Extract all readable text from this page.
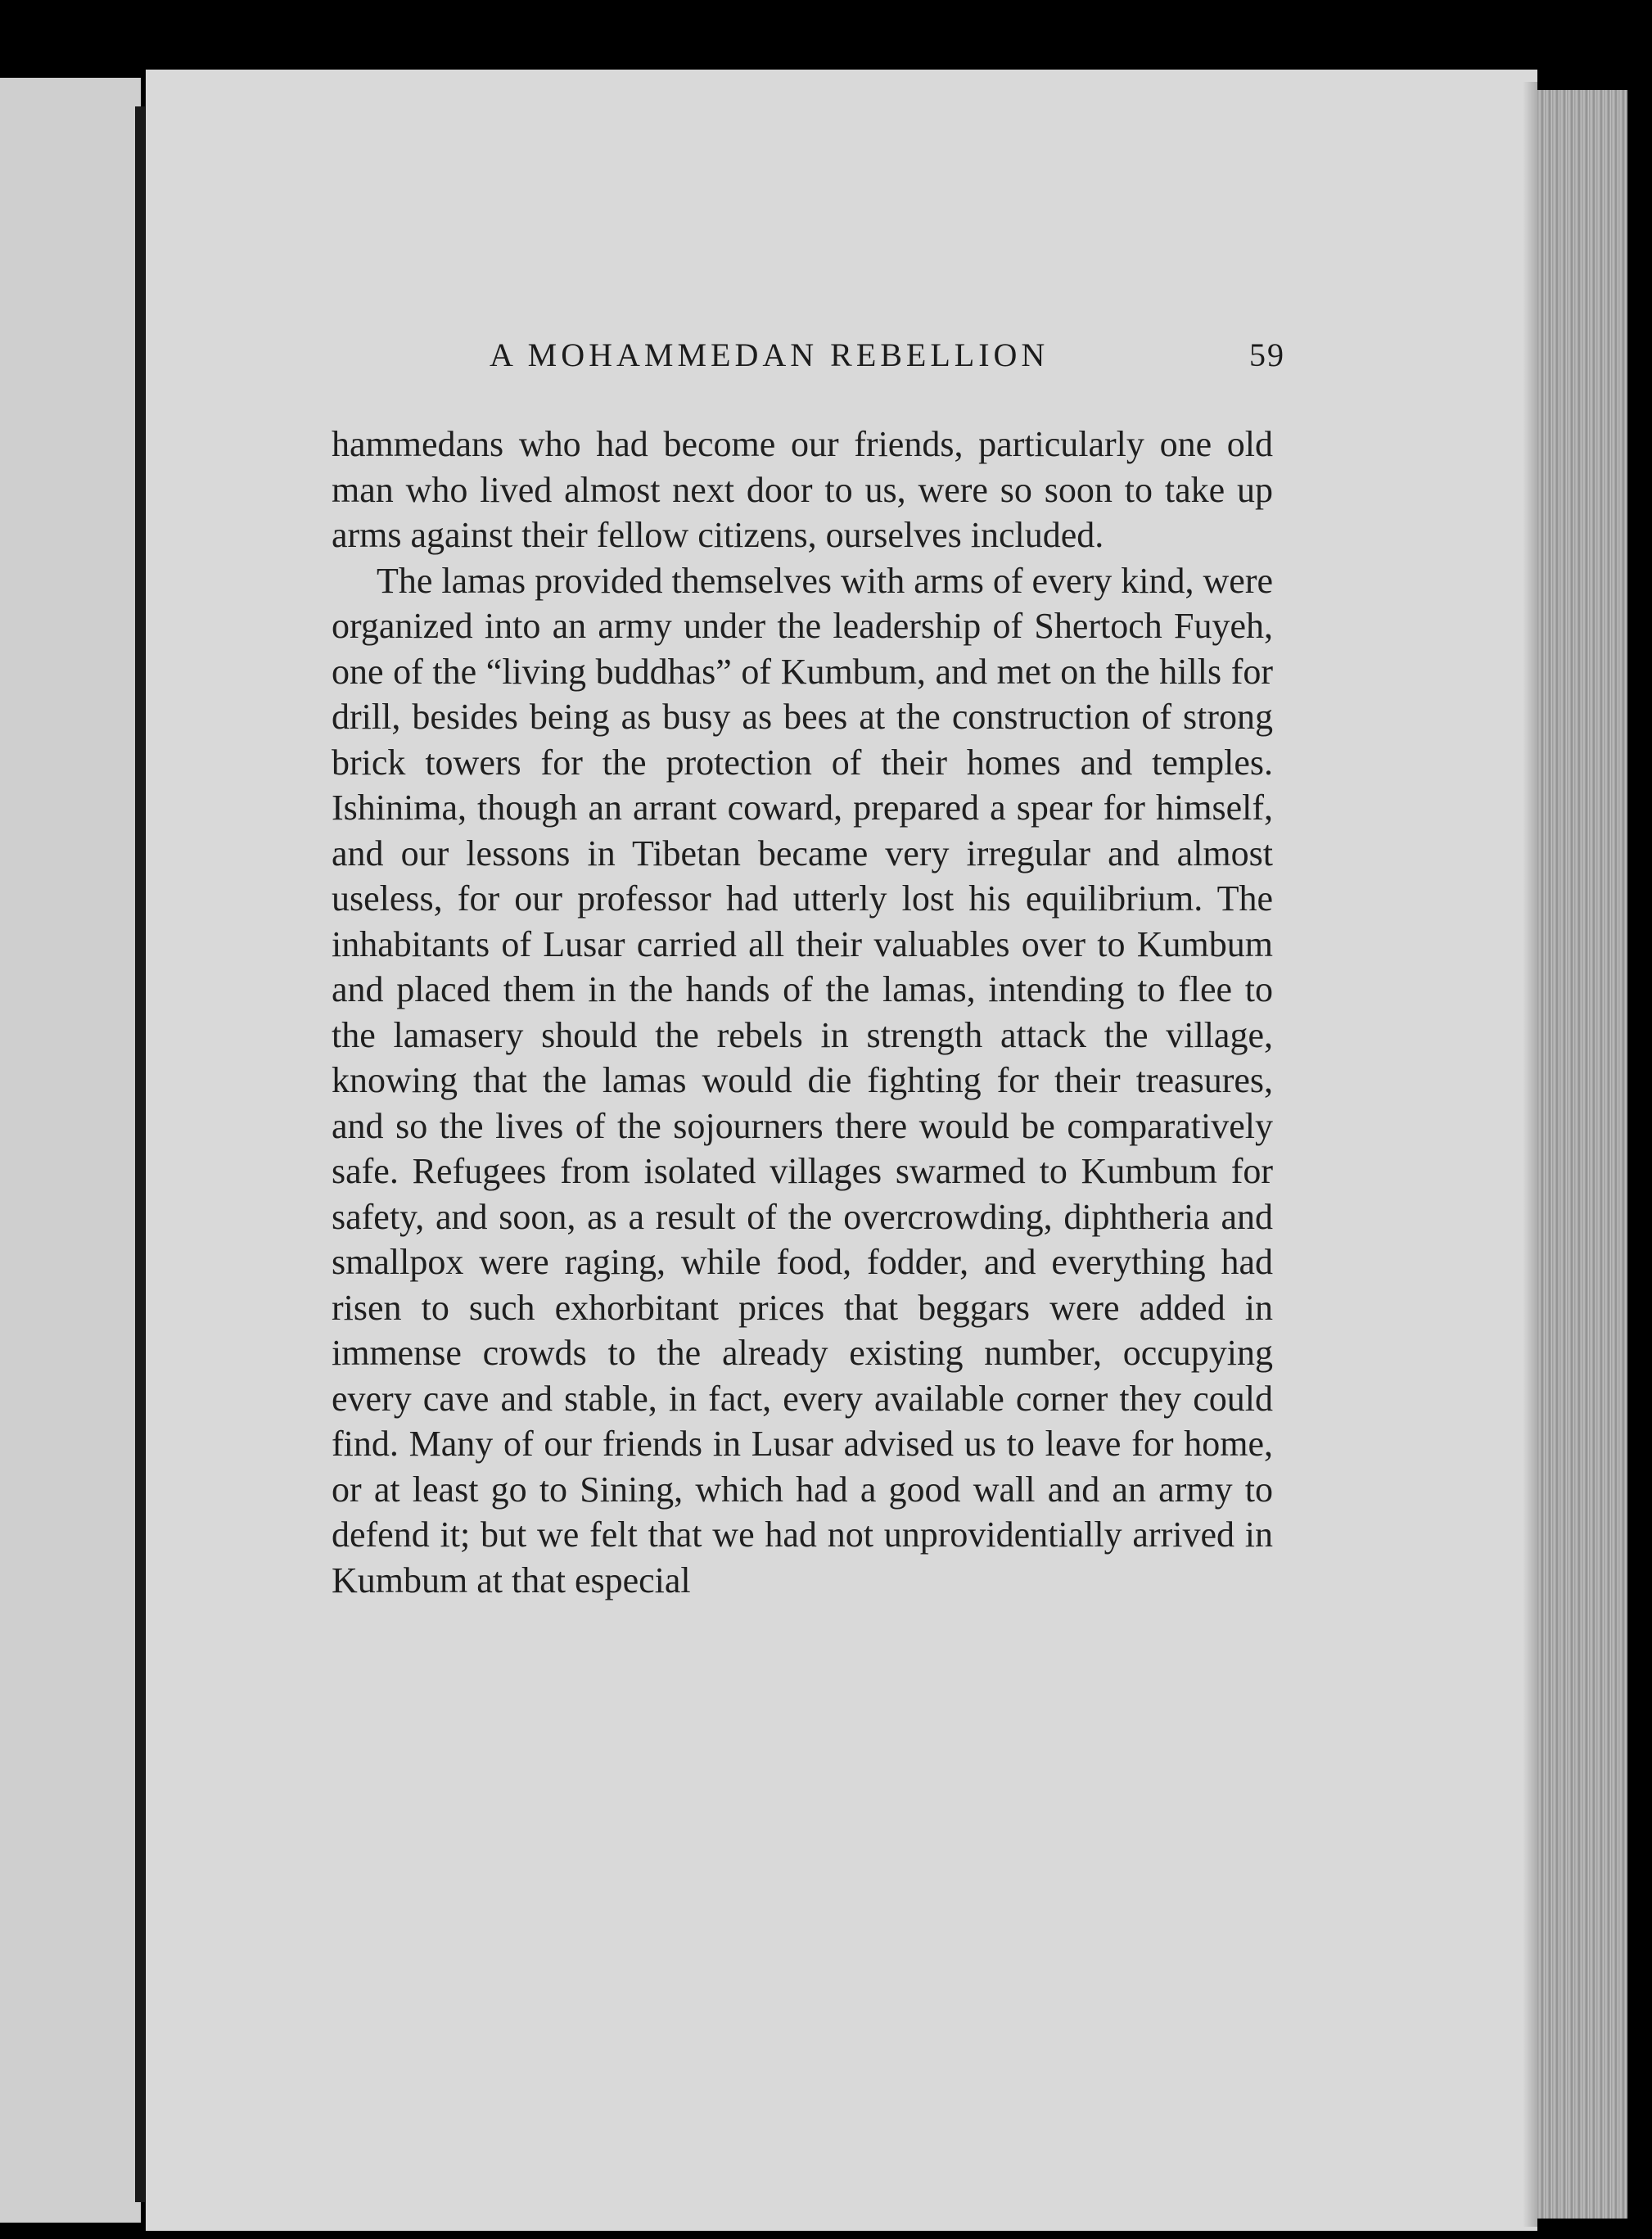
A MOHAMMEDAN REBELLION	59

hammedans who had become our friends, particularly one old man who lived almost next door to us, were so soon to take up arms against their fellow citizens, ourselves included.

The lamas provided themselves with arms of every kind, were organized into an army under the leadership of Shertoch Fuyeh, one of the “living buddhas” of Kumbum, and met on the hills for drill, besides being as busy as bees at the construction of strong brick towers for the protection of their homes and temples. Ishinima, though an arrant coward, prepared a spear for himself, and our lessons in Tibetan became very irregular and almost useless, for our professor had utterly lost his equilibrium. The inhabitants of Lusar carried all their valuables over to Kumbum and placed them in the hands of the lamas, intending to flee to the lamasery should the rebels in strength attack the village, knowing that the lamas would die fighting for their treasures, and so the lives of the sojourners there would be comparatively safe. Refugees from isolated villages swarmed to Kumbum for safety, and soon, as a result of the overcrowding, diphtheria and smallpox were raging, while food, fodder, and everything had risen to such exhorbitant prices that beggars were added in immense crowds to the already existing number, occupying every cave and stable, in fact, every available corner they could find. Many of our friends in Lusar advised us to leave for home, or at least go to Sining, which had a good wall and an army to defend it; but we felt that we had not unprovidentially arrived in Kumbum at that especial
